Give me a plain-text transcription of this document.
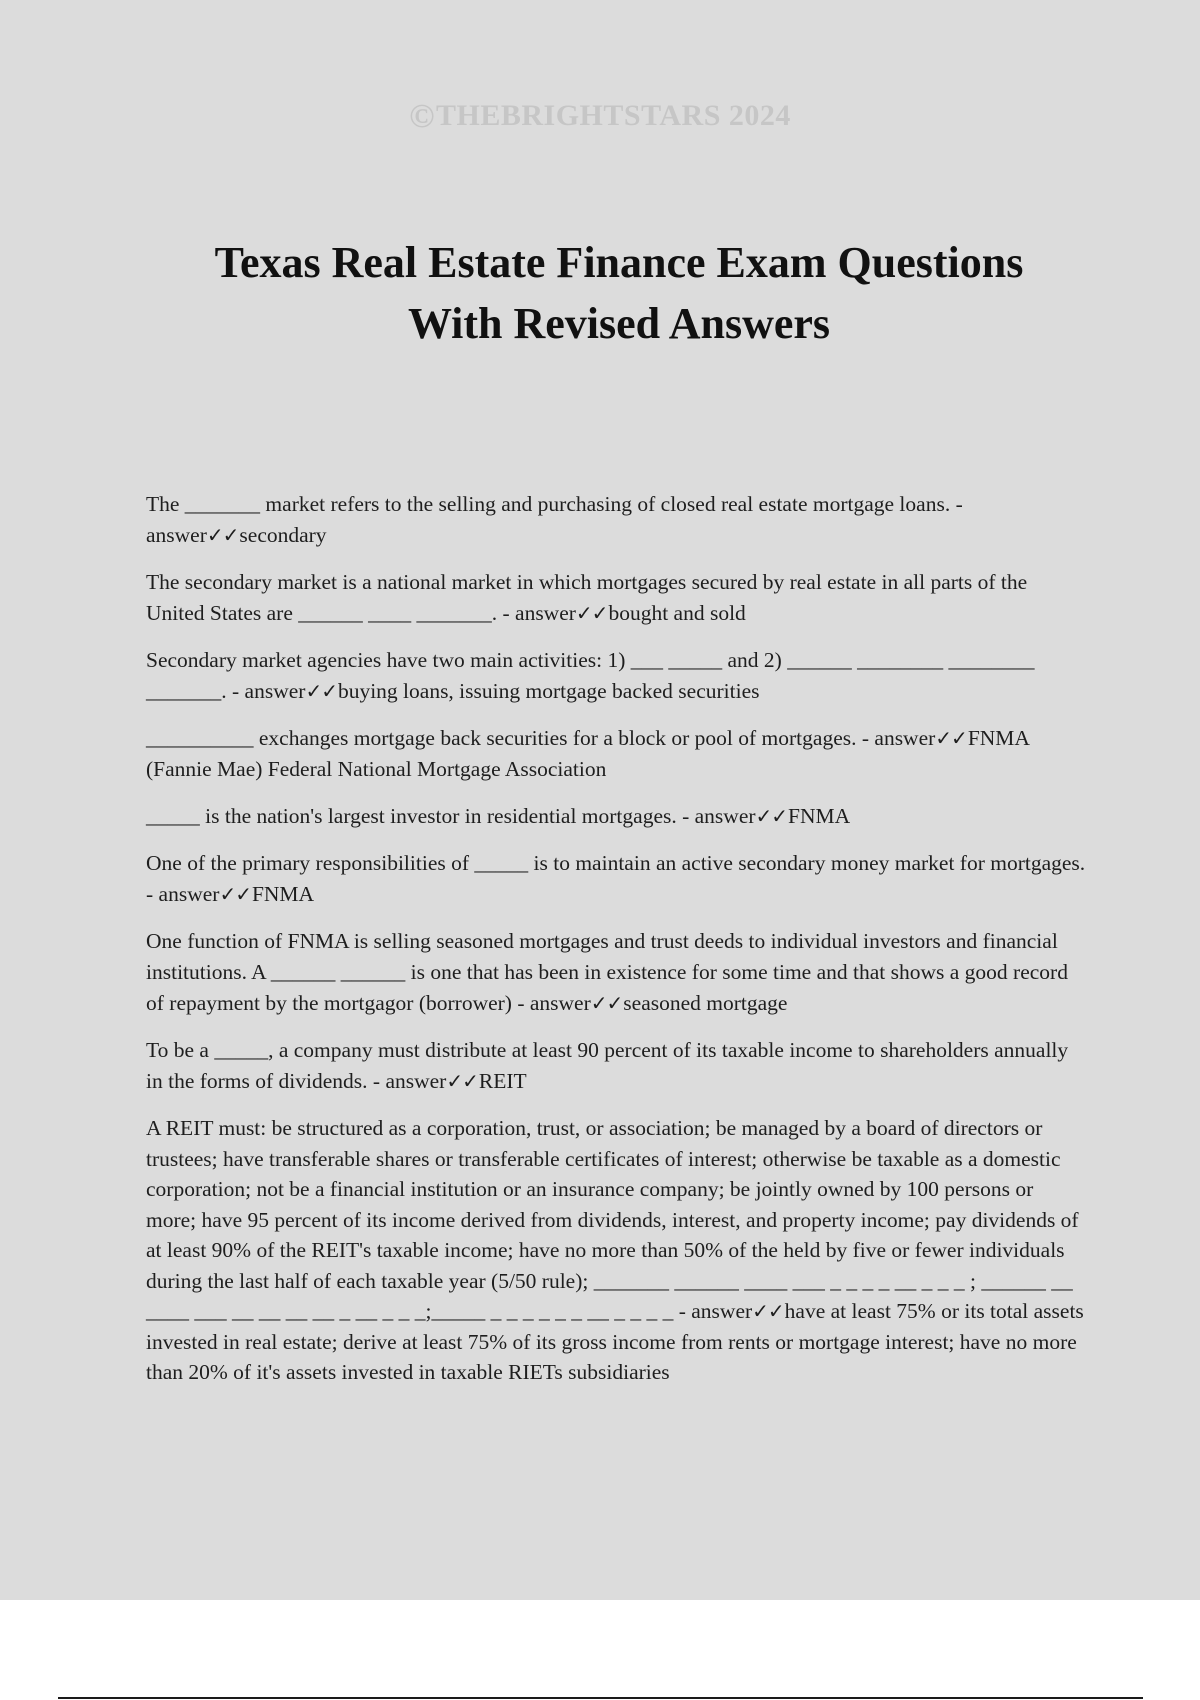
©THEBRIGHTSTARS 2024
Texas Real Estate Finance Exam Questions
With Revised Answers

The _______ market refers to the selling and purchasing of closed real estate mortgage loans. - answer✓✓secondary

The secondary market is a national market in which mortgages secured by real estate in all parts of the United States are ______ ____ _______. - answer✓✓bought and sold

Secondary market agencies have two main activities: 1) ___ _____ and 2) ______ ________ ________ _______. - answer✓✓buying loans, issuing mortgage backed securities

__________ exchanges mortgage back securities for a block or pool of mortgages. - answer✓✓FNMA (Fannie Mae) Federal National Mortgage Association

_____ is the nation's largest investor in residential mortgages. - answer✓✓FNMA

One of the primary responsibilities of _____ is to maintain an active secondary money market for mortgages. - answer✓✓FNMA

One function of FNMA is selling seasoned mortgages and trust deeds to individual investors and financial institutions. A ______ ______ is one that has been in existence for some time and that shows a good record of repayment by the mortgagor (borrower) - answer✓✓seasoned mortgage

To be a _____, a company must distribute at least 90 percent of its taxable income to shareholders annually in the forms of dividends. - answer✓✓REIT

A REIT must: be structured as a corporation, trust, or association; be managed by a board of directors or trustees; have transferable shares or transferable certificates of interest; otherwise be taxable as a domestic corporation; not be a financial institution or an insurance company; be jointly owned by 100 persons or more; have 95 percent of its income derived from dividends, interest, and property income; pay dividends of at least 90% of the REIT's taxable income; have no more than 50% of the held by five or fewer individuals during the last half of each taxable year (5/50 rule); _______ ______ ____ ___ _ _ _ _ __ _ _ _ ; ______ __ ____ ___ __ __ __ __ _ __ _ _ _;_____ _ _ _ _ _ _ __ _ _ _ _ - answer✓✓have at least 75% or its total assets invested in real estate; derive at least 75% of its gross income from rents or mortgage interest; have no more than 20% of it's assets invested in taxable RIETs subsidiaries
